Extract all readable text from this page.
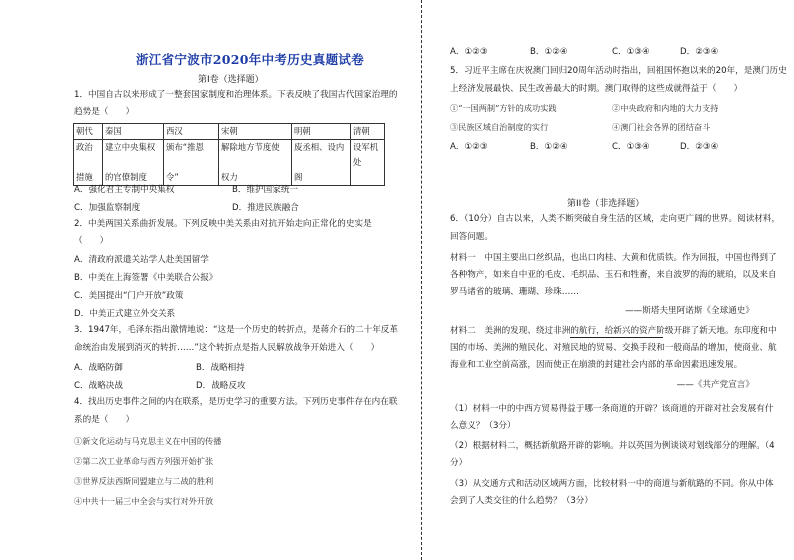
浙江省宁波市2020年中考历史真题试卷
第Ⅰ卷（选择题）
1．中国自古以来形成了一整套国家制度和治理体系。下表反映了我国古代国家治理的
趋势是（　　）
朝代	秦国	西汉	宋朝	明朝	清朝
政治	建立中央集权	颁布“推恩	解除地方节度使	废丞相、设内	设军机处
措施	的官僚制度	令”	权力	阁	
A．强化君主专制中央集权	B．维护国家统一
C．加强监察制度	D．推进民族融合
2．中美两国关系曲折发展。下列反映中美关系由对抗开始走向正常化的史实是
（　　）
A．清政府派遣关站学人赴美国留学
B．中美在上海签署《中美联合公报》
C．美国提出“门户开放”政策
D．中美正式建立外交关系
3．1947年，毛泽东指出激情地说：“这是一个历史的转折点，是蒋介石的二十年反革
命统治由发展到消灭的转折……”这个转折点是指人民解放战争开始进入（　　）
A．战略防御	B．战略相持
C．战略决战	D．战略反攻
4．找出历史事件之间的内在联系，是历史学习的重要方法。下列历史事件存在内在联
系的是（　　）
①新文化运动与马克思主义在中国的传播
②第二次工业革命与西方列强开始扩张
③世界反法西斯同盟建立与二战的胜利
④中共十一届三中全会与实行对外开放
A．①②③	B．①②④	C．①③④	D．②③④
5．习近平主席在庆祝澳门回归20周年活动时指出，回祖国怀抱以来的20年，是澳门历史
上经济发展最快、民生改善最大的时期。澳门取得的这些成就得益于（　　）
①“一国两制”方针的成功实践	②中央政府和内地的大力支持
③民族区域自治制度的实行	④澳门社会各界的团结奋斗
A．①②③	B．①②④	C．①③④	D．②③④
第II卷（非选择题）
6．（10分）自古以来，人类不断突破自身生活的区域，走向更广阔的世界。阅读材料，
回答问题。
材料一　中国主要出口丝织品，也出口肉桂、大黄和优质铁。作为回报，中国也得到了
各种物产，如来自中亚的毛皮、毛织品、玉石和牲畜，来自波罗的海的琥珀，以及来自
罗马诸省的玻璃、珊瑚、珍珠……
——斯塔夫里阿诺斯《全球通史》
材料二　美洲的发现、绕过非洲的航行，给新兴的资产阶级开辟了新天地。东印度和中
国的市场、美洲的殖民化、对殖民地的贸易、交换手段和一般商品的增加，使商业、航
海业和工业空前高涨，因而使正在崩溃的封建社会内部的革命因素迅速发展。
——《共产党宣言》
（1）材料一中的中西方贸易得益于哪一条商道的开辟？该商道的开辟对社会发展有什
么意义？（3分）
（2）根据材料二，概括新航路开辟的影响。并以英国为例谈谈对划线部分的理解。（4
分）
（3）从交通方式和活动区域两方面，比较材料一中的商道与新航路的不同。你从中体
会到了人类交往的什么趋势？（3分）
